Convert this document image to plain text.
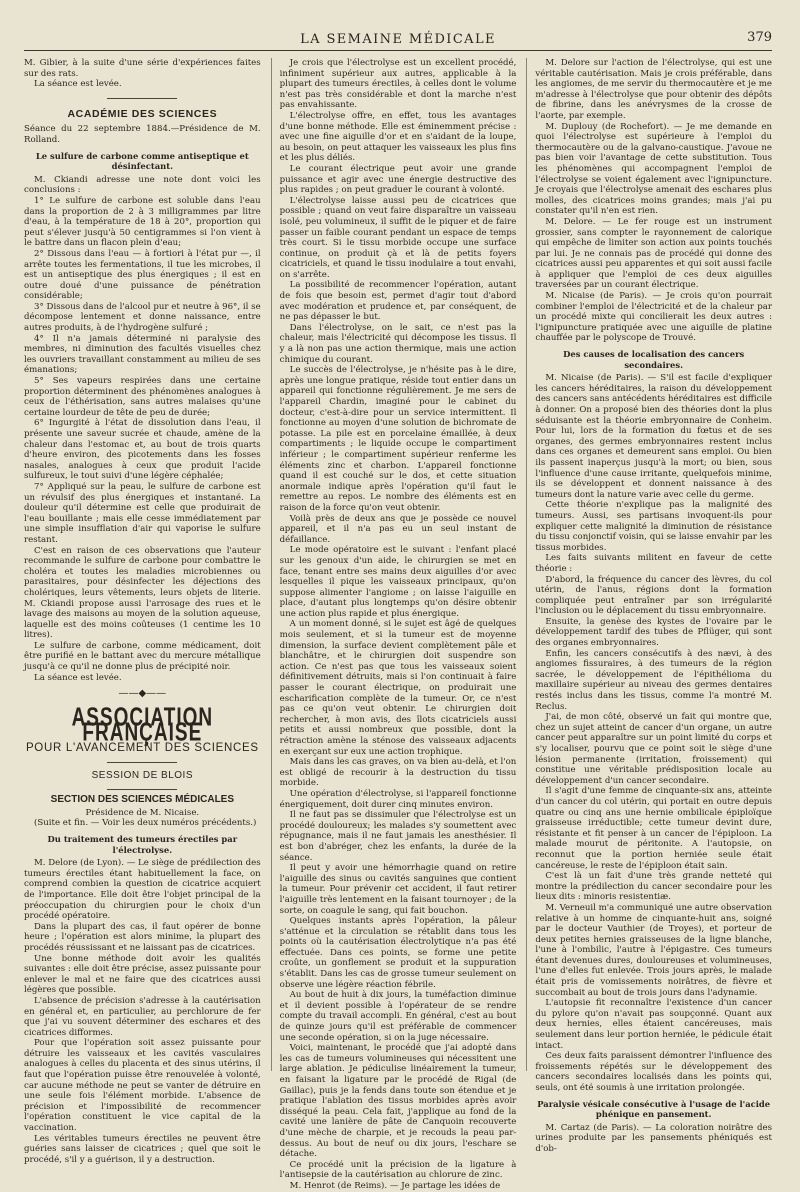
LA SEMAINE MÉDICALE	379

M. Gibier, à la suite d'une série d'expériences faites sur des rats.

La séance est levée.

ACADÉMIE DES SCIENCES
Séance du 22 septembre 1884.—Présidence de M. Rolland.
Le sulfure de carbone comme antiseptique et désinfectant.

M. Ckiandi adresse une note dont voici les conclusions :

1° Le sulfure de carbone est soluble dans l'eau dans la proportion de 2 à 3 milligrammes par litre d'eau, à la température de 18 à 20°, proportion qui peut s'élever jusqu'à 50 centigrammes si l'on vient à le battre dans un flacon plein d'eau;

2° Dissous dans l'eau — à fortiori à l'état pur —, il arrête toutes les fermentations, il tue les microbes, il est un antiseptique des plus énergiques ; il est en outre doué d'une puissance de pénétration considérable;

3° Dissous dans de l'alcool pur et neutre à 96°, il se décompose lentement et donne naissance, entre autres produits, à de l'hydrogène sulfuré ;

4° Il n'a jamais déterminé ni paralysie des membres, ni diminution des facultés visuelles chez les ouvriers travaillant constamment au milieu de ses émanations;

5° Ses vapeurs respirées dans une certaine proportion déterminent des phénomènes analogues à ceux de l'éthérisation, sans autres malaises qu'une certaine lourdeur de tête de peu de durée;

6° Ingurgité à l'état de dissolution dans l'eau, il présente une saveur sucrée et chaude, amène de la chaleur dans l'estomac et, au bout de trois quarts d'heure environ, des picotements dans les fosses nasales, analogues à ceux que produit l'acide sulfureux, le tout suivi d'une légère céphalée;

7° Appliqué sur la peau, le sulfure de carbone est un révulsif des plus énergiques et instantané. La douleur qu'il détermine est celle que produirait de l'eau bouillante ; mais elle cesse immédiatement par une simple insufflation d'air qui vaporise le sulfure restant.

C'est en raison de ces observations que l'auteur recommande le sulfure de carbone pour combattre le choléra et toutes les maladies microbiennes ou parasitaires, pour désinfecter les déjections des cholériques, leurs vêtements, leurs objets de literie. M. Ckiandi propose aussi l'arrosage des rues et le lavage des maisons au moyen de la solution aqueuse, laquelle est des moins coûteuses (1 centime les 10 litres).

Le sulfure de carbone, comme médicament, doit être purifié en le battant avec du mercure métallique jusqu'à ce qu'il ne donne plus de précipité noir.

La séance est levée.

——◆——
ASSOCIATION FRANÇAISE
POUR L'AVANCEMENT DES SCIENCES
SESSION DE BLOIS
SECTION DES SCIENCES MÉDICALES

Présidence de M. Nicaise.

(Suite et fin. — Voir les deux numéros précédents.)

Du traitement des tumeurs érectiles par l'électrolyse.

M. Delore (de Lyon). — Le siège de prédilection des tumeurs érectiles étant habituellement la face, on comprend combien la question de cicatrice acquiert de l'importance. Elle doit être l'objet principal de la préoccupation du chirurgien pour le choix d'un procédé opératoire.

Dans la plupart des cas, il faut opérer de bonne heure ; l'opération est alors minime, la plupart des procédés réussissant et ne laissant pas de cicatrices.

Une bonne méthode doit avoir les qualités suivantes : elle doit être précise, assez puissante pour enlever le mal et ne faire que des cicatrices aussi légères que possible.

L'absence de précision s'adresse à la cautérisation en général et, en particulier, au perchlorure de fer que j'ai vu souvent déterminer des eschares et des cicatrices difformes.

Pour que l'opération soit assez puissante pour détruire les vaisseaux et les cavités vasculaires analogues à celles du placenta et des sinus utérins, il faut que l'opération puisse être renouvelée à volonté, car aucune méthode ne peut se vanter de détruire en une seule fois l'élément morbide. L'absence de précision et l'impossibilité de recommencer l'opération constituent le vice capital de la vaccination.

Les véritables tumeurs érectiles ne peuvent être guéries sans laisser de cicatrices ; quel que soit le procédé, s'il y a guérison, il y a destruction.

Je crois que l'électrolyse est un excellent procédé, infiniment supérieur aux autres, applicable à la plupart des tumeurs érectiles, à celles dont le volume n'est pas très considérable et dont la marche n'est pas envahissante.

L'électrolyse offre, en effet, tous les avantages d'une bonne méthode. Elle est éminemment précise : avec une fine aiguille d'or et en s'aidant de la loupe, au besoin, on peut attaquer les vaisseaux les plus fins et les plus déliés.

Le courant électrique peut avoir une grande puissance et agir avec une énergie destructive des plus rapides ; on peut graduer le courant à volonté.

L'électrolyse laisse aussi peu de cicatrices que possible ; quand on veut faire disparaître un vaisseau isolé, peu volumineux, il suffit de le piquer et de faire passer un faible courant pendant un espace de temps très court. Si le tissu morbide occupe une surface continue, on produit çà et là de petits foyers cicatriciels, et quand le tissu inodulaire a tout envahi, on s'arrête.

La possibilité de recommencer l'opération, autant de fois que besoin est, permet d'agir tout d'abord avec modération et prudence et, par conséquent, de ne pas dépasser le but.

Dans l'électrolyse, on le sait, ce n'est pas la chaleur, mais l'électricité qui décompose les tissus. Il y a là non pas une action thermique, mais une action chimique du courant.

Le succès de l'électrolyse, je n'hésite pas à le dire, après une longue pratique, réside tout entier dans un appareil qui fonctionne régulièrement. Je me sers de l'appareil Chardin, imaginé pour le cabinet du docteur, c'est-à-dire pour un service intermittent. Il fonctionne au moyen d'une solution de bichromate de potasse. La pile est en porcelaine émaillée, à deux compartiments ; le liquide occupe le compartiment inférieur ; le compartiment supérieur renferme les éléments zinc et charbon. L'appareil fonctionne quand il est couché sur le dos, et cette situation anormale indique après l'opération qu'il faut le remettre au repos. Le nombre des éléments est en raison de la force qu'on veut obtenir.

Voilà près de deux ans que je possède ce nouvel appareil, et il n'a pas eu un seul instant de défaillance.

Le mode opératoire est le suivant : l'enfant placé sur les genoux d'un aide, le chirurgien se met en face, tenant entre ses mains deux aiguilles d'or avec lesquelles il pique les vaisseaux principaux, qu'on suppose alimenter l'angiome ; on laisse l'aiguille en place, d'autant plus longtemps qu'on désire obtenir une action plus rapide et plus énergique.

A un moment donné, si le sujet est âgé de quelques mois seulement, et si la tumeur est de moyenne dimension, la surface devient complètement pâle et blanchâtre, et le chirurgien doit suspendre son action. Ce n'est pas que tous les vaisseaux soient définitivement détruits, mais si l'on continuait à faire passer le courant électrique, on produirait une escharification complète de la tumeur. Or, ce n'est pas ce qu'on veut obtenir. Le chirurgien doit rechercher, à mon avis, des îlots cicatriciels aussi petits et aussi nombreux que possible, dont la rétraction amène la sténose des vaisseaux adjacents en exerçant sur eux une action trophique.

Mais dans les cas graves, on va bien au-delà, et l'on est obligé de recourir à la destruction du tissu morbide.

Une opération d'électrolyse, si l'appareil fonctionne énergiquement, doit durer cinq minutes environ.

Il ne faut pas se dissimuler que l'électrolyse est un procédé douloureux; les malades s'y soumettent avec répugnance, mais il ne faut jamais les anesthésier. Il est bon d'abréger, chez les enfants, la durée de la séance.

Il peut y avoir une hémorrhagie quand on retire l'aiguille des sinus ou cavités sanguines que contient la tumeur. Pour prévenir cet accident, il faut retirer l'aiguille très lentement en la faisant tournoyer ; de la sorte, on coagule le sang, qui fait bouchon.

Quelques instants après l'opération, la pâleur s'atténue et la circulation se rétablit dans tous les points où la cautérisation électrolytique n'a pas été effectuée. Dans ces points, se forme une petite croûte, un gonflement se produit et la suppuration s'établit. Dans les cas de grosse tumeur seulement on observe une légère réaction fébrile.

Au bout de huit à dix jours, la tuméfaction diminue et il devient possible à l'opérateur de se rendre compte du travail accompli. En général, c'est au bout de quinze jours qu'il est préférable de commencer une seconde opération, si on la juge nécessaire.

Voici, maintenant, le procédé que j'ai adopté dans les cas de tumeurs volumineuses qui nécessitent une large ablation. Je pédiculise linéairement la tumeur, en faisant la ligature par le procédé de Rigal (de Gaillac), puis je la fends dans toute son étendue et je pratique l'ablation des tissus morbides après avoir disséqué la peau. Cela fait, j'applique au fond de la cavité une lanière de pâte de Canquoin recouverte d'une mèche de charpie, et je recouds la peau par-dessus. Au bout de neuf ou dix jours, l'eschare se détache.

Ce procédé unit la précision de la ligature à l'antisepsie de la cautérisation au chlorure de zinc.

M. Henrot (de Reims). — Je partage les idées de

M. Delore sur l'action de l'électrolyse, qui est une véritable cautérisation. Mais je crois préférable, dans les angiomes, de me servir du thermocautère et je me m'adresse à l'électrolyse que pour obtenir des dépôts de fibrine, dans les anévrysmes de la crosse de l'aorte, par exemple.

M. Duplouy (de Rochefort). — Je me demande en quoi l'électrolyse est supérieure à l'emploi du thermocautère ou de la galvano-caustique. J'avoue ne pas bien voir l'avantage de cette substitution. Tous les phénomènes qui accompagnent l'emploi de l'électrolyse se voient également avec l'ignipuncture. Je croyais que l'électrolyse amenait des eschares plus molles, des cicatrices moins grandes; mais j'ai pu constater qu'il n'en est rien.

M. Delore. — Le fer rouge est un instrument grossier, sans compter le rayonnement de calorique qui empêche de limiter son action aux points touchés par lui. Je ne connais pas de procédé qui donne des cicatrices aussi peu apparentes et qui soit aussi facile à appliquer que l'emploi de ces deux aiguilles traversées par un courant électrique.

M. Nicaise (de Paris). — Je crois qu'on pourrait combiner l'emploi de l'électricité et de la chaleur par un procédé mixte qui concilierait les deux autres : l'ignipuncture pratiquée avec une aiguille de platine chauffée par le polyscope de Trouvé.

Des causes de localisation des cancers secondaires.

M. Nicaise (de Paris). — S'il est facile d'expliquer les cancers héréditaires, la raison du développement des cancers sans antécédents héréditaires est difficile à donner. On a proposé bien des théories dont la plus séduisante est la théorie embryonnaire de Conheim. Pour lui, lors de la formation du fœtus et de ses organes, des germes embryonnaires restent inclus dans ces organes et demeurent sans emploi. Ou bien ils passent inaperçus jusqu'à la mort; ou bien, sous l'influence d'une cause irritante, quelquefois minime, ils se développent et donnent naissance à des tumeurs dont la nature varie avec celle du germe.

Cette théorie n'explique pas la malignité des tumeurs. Aussi, ses partisans invoquent-ils pour expliquer cette malignité la diminution de résistance du tissu conjonctif voisin, qui se laisse envahir par les tissus morbides.

Les faits suivants militent en faveur de cette théorie :

D'abord, la fréquence du cancer des lèvres, du col utérin, de l'anus, régions dont la formation compliquée peut entraîner par son irrégularité l'inclusion ou le déplacement du tissu embryonnaire.

Ensuite, la genèse des kystes de l'ovaire par le développement tardif des tubes de Pflüger, qui sont des organes embryonnaires.

Enfin, les cancers consécutifs à des nævi, à des angiomes fissuraires, à des tumeurs de la région sacrée, le développement de l'épithélioma du maxillaire supérieur au niveau des germes dentaires restés inclus dans les tissus, comme l'a montré M. Reclus.

J'ai, de mon côté, observé un fait qui montre que, chez un sujet atteint de cancer d'un organe, un autre cancer peut apparaître sur un point limité du corps et s'y localiser, pourvu que ce point soit le siège d'une lésion permanente (irritation, froissement) qui constitue une véritable prédisposition locale au développement d'un cancer secondaire.

Il s'agit d'une femme de cinquante-six ans, atteinte d'un cancer du col utérin, qui portait en outre depuis quatre ou cinq ans une hernie ombilicale épiploïque graisseuse irréductible; cette tumeur devint dure, résistante et fit penser à un cancer de l'épiploon. La malade mourut de péritonite. A l'autopsie, on reconnut que la portion herniée seule était cancéreuse, le reste de l'épiploon était sain.

C'est là un fait d'une très grande netteté qui montre la prédilection du cancer secondaire pour les lieux dits : minoris resistentiæ.

M. Verneuil m'a communiqué une autre observation relative à un homme de cinquante-huit ans, soigné par le docteur Vauthier (de Troyes), et porteur de deux petites hernies graisseuses de la ligne blanche, l'une à l'ombilic, l'autre à l'épigastre. Ces tumeurs étant devenues dures, douloureuses et volumineuses, l'une d'elles fut enlevée. Trois jours après, le malade était pris de vomissements noirâtres, de fièvre et succombait au bout de trois jours dans l'adynamie.

L'autopsie fit reconnaître l'existence d'un cancer du pylore qu'on n'avait pas soupçonné. Quant aux deux hernies, elles étaient cancéreuses, mais seulement dans leur portion herniée, le pédicule était intact.

Ces deux faits paraissent démontrer l'influence des froissements répétés sur le développement des cancers secondaires localisés dans les points qui, seuls, ont été soumis à une irritation prolongée.

Paralysie vésicale consécutive à l'usage de l'acide phénique en pansement.

M. Cartaz (de Paris). — La coloration noirâtre des urines produite par les pansements phéniqués est d'ob-
